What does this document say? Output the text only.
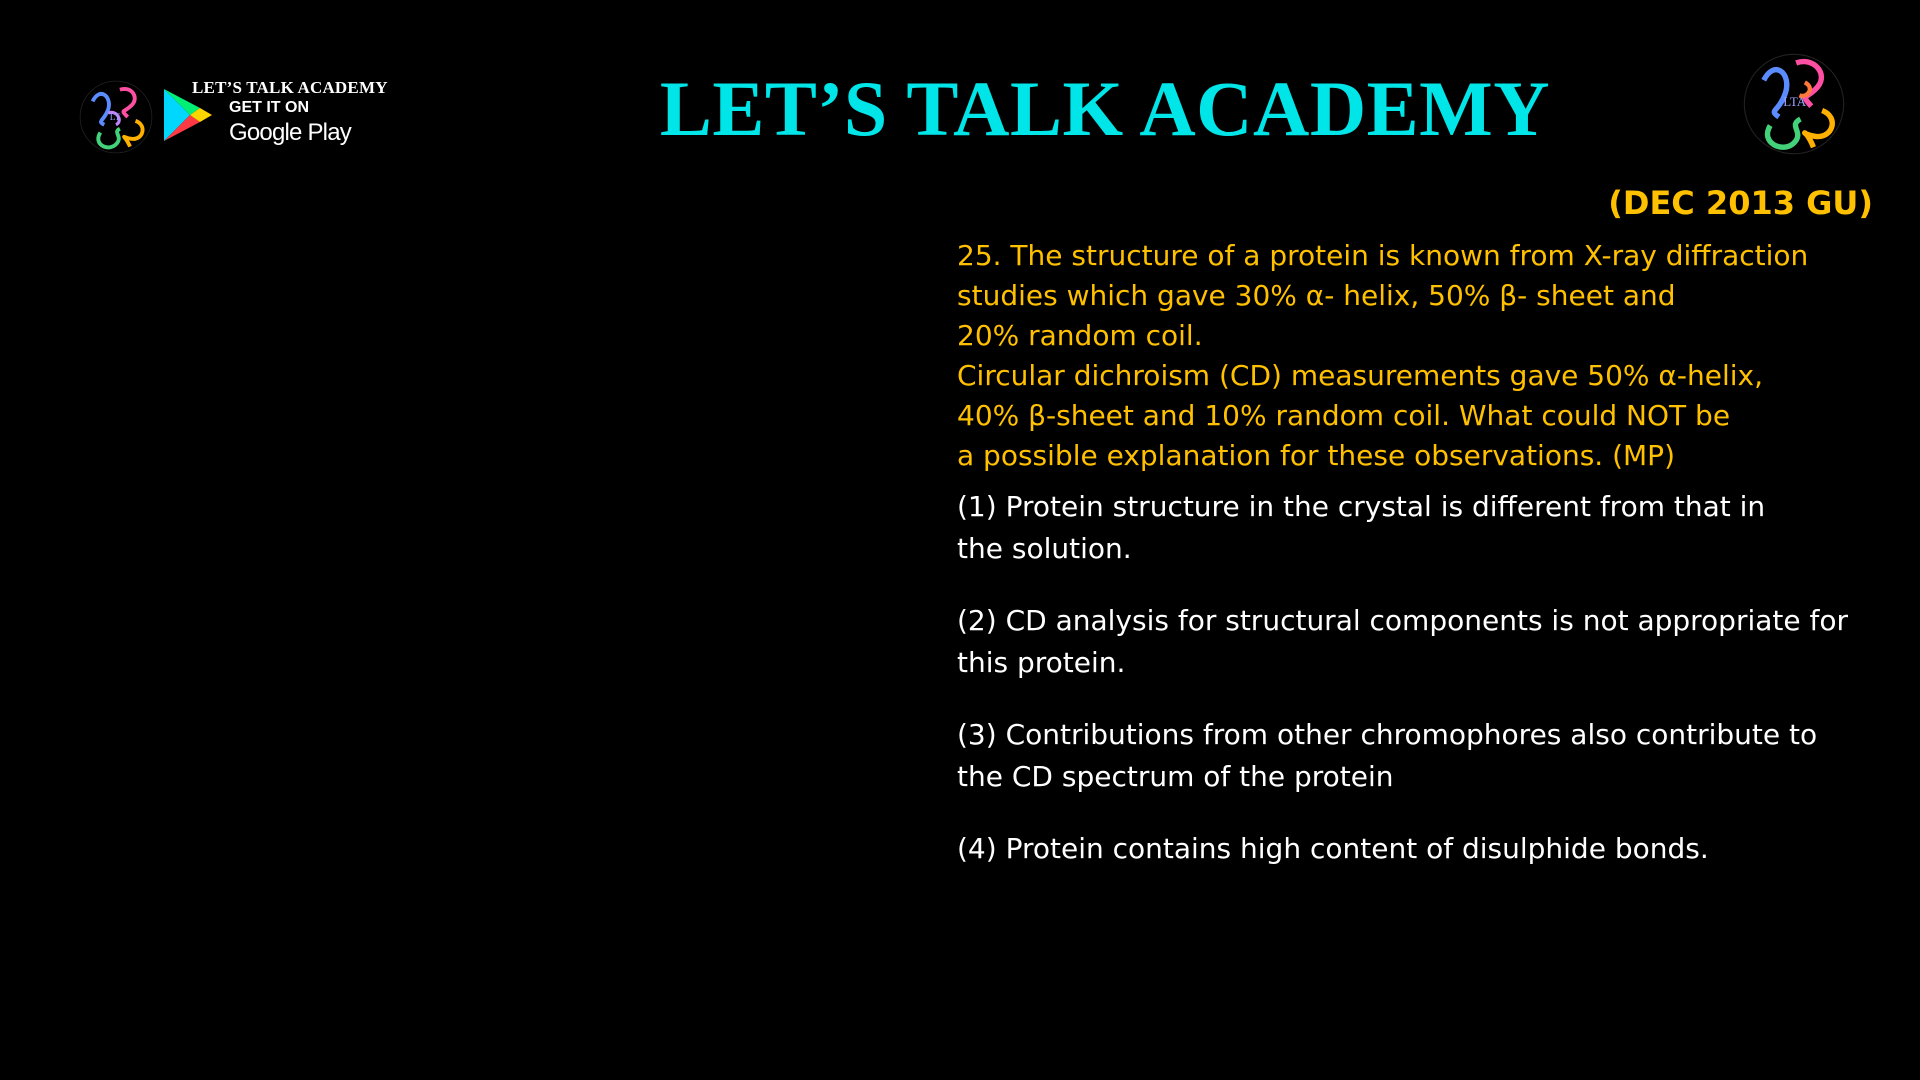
LT
LET’S TALK ACADEMY
GET IT ON
Google Play	LET’S TALK ACADEMY	LTA
(DEC 2013 GU)
25. The structure of a protein is known from X-ray diffraction
studies which gave 30% α- helix, 50% β- sheet and
20% random coil.
Circular dichroism (CD) measurements gave 50% α-helix,
40% β-sheet and 10% random coil. What could NOT be
a possible explanation for these observations. (MP)
(1) Protein structure in the crystal is different from that in
the solution.
(2) CD analysis for structural components is not appropriate for
this protein.
(3) Contributions from other chromophores also contribute to
the CD spectrum of the protein
(4) Protein contains high content of disulphide bonds.
